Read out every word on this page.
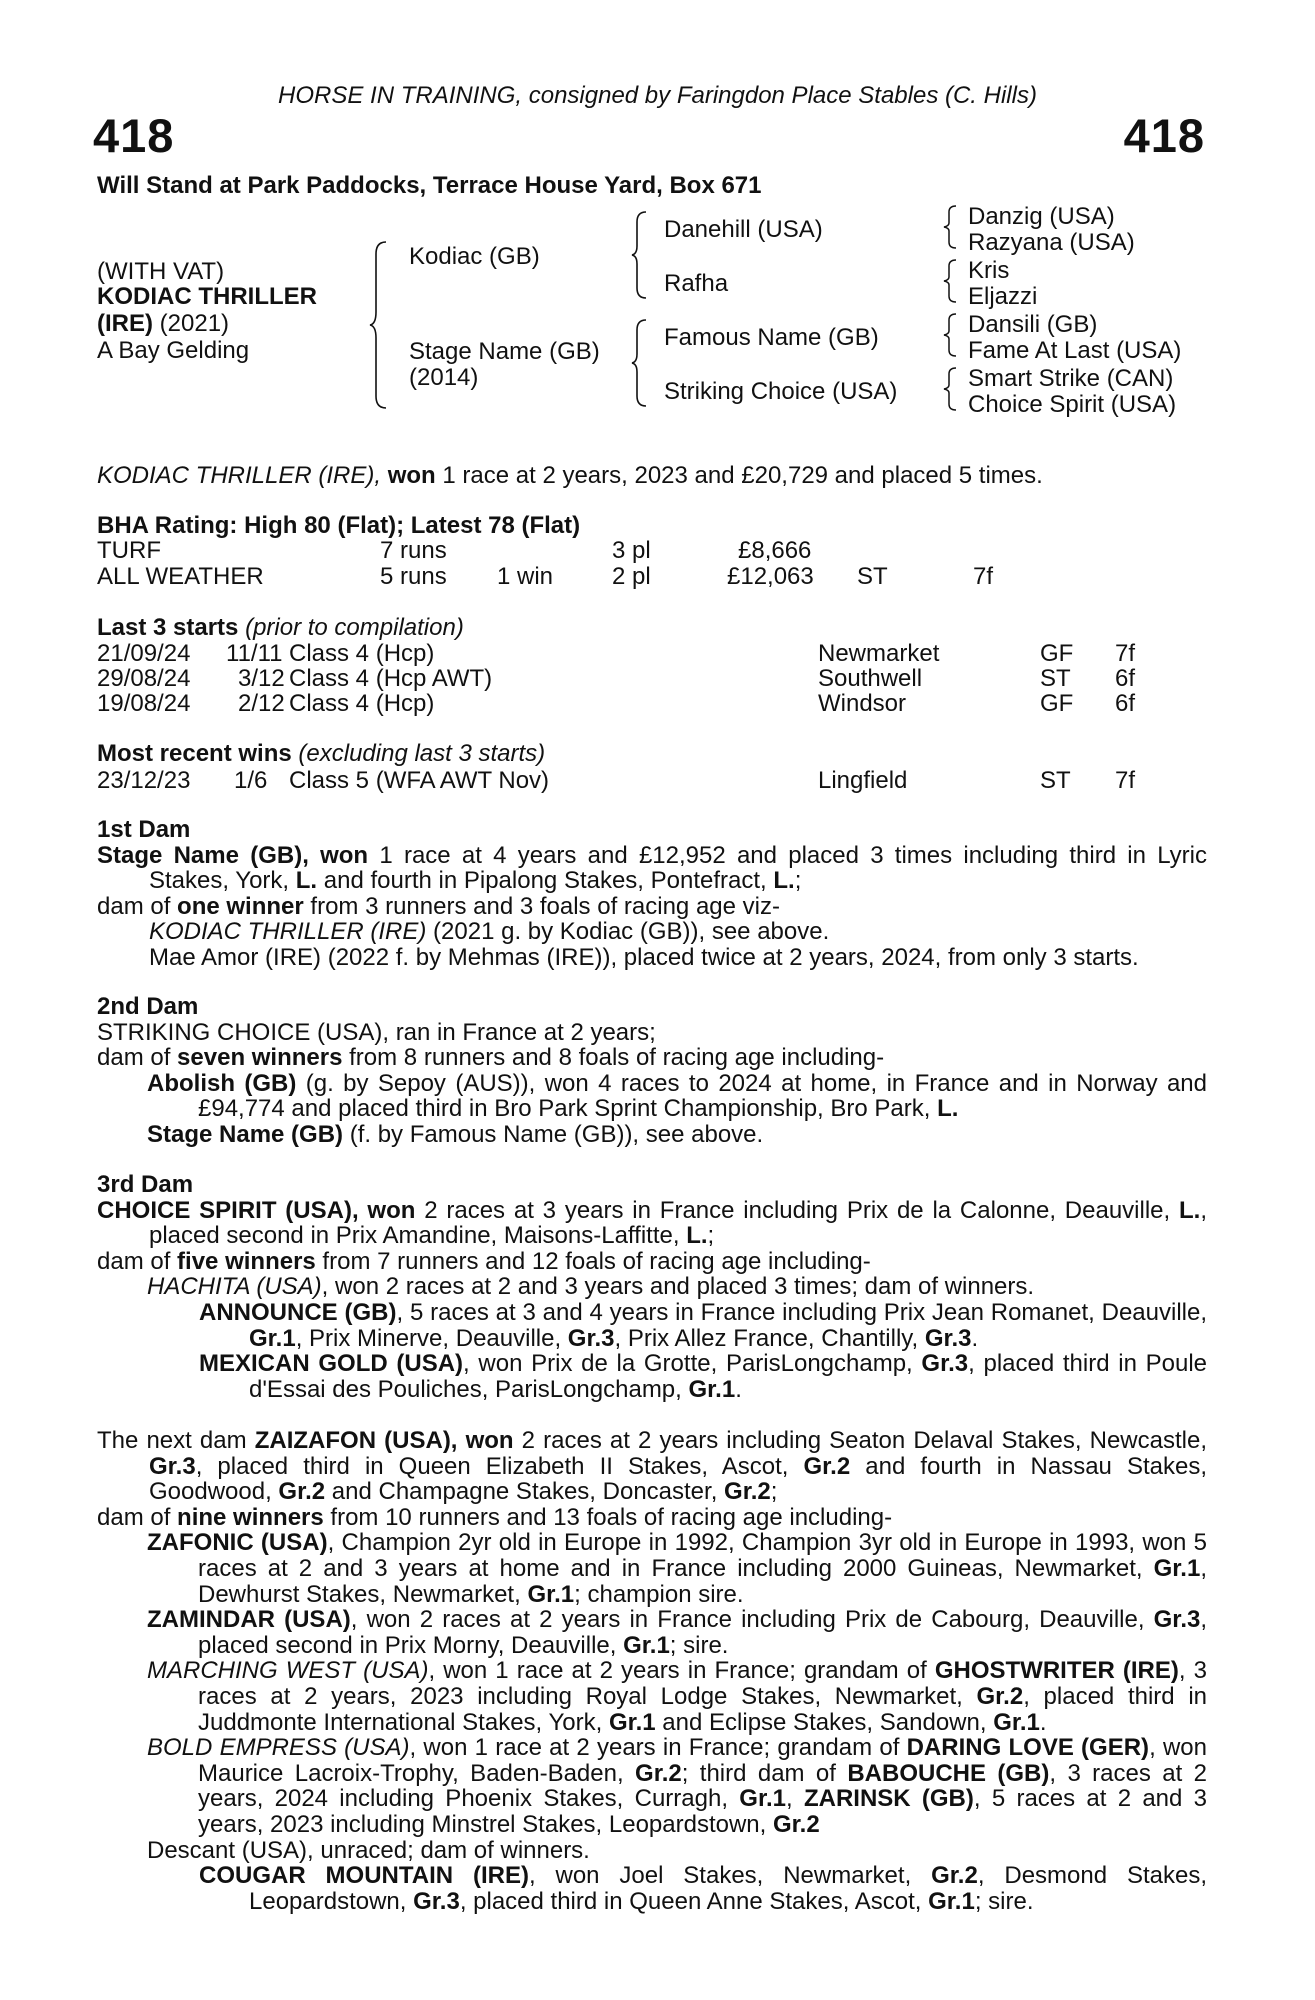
HORSE IN TRAINING, consigned by Faringdon Place Stables (C. Hills)
418	418
Will Stand at Park Paddocks, Terrace House Yard, Box 671
(WITH VAT)
KODIAC THRILLER
(IRE) (2021)
A Bay Gelding
Kodiac (GB)
Stage Name (GB)
(2014)
Danehill (USA)
Rafha
Famous Name (GB)
Striking Choice (USA)
Danzig (USA)
Razyana (USA)
Kris
Eljazzi
Dansili (GB)
Fame At Last (USA)
Smart Strike (CAN)
Choice Spirit (USA)
KODIAC THRILLER (IRE), won 1 race at 2 years, 2023 and £20,729 and placed 5 times.
BHA Rating: High 80 (Flat); Latest 78 (Flat)
TURF	7 runs	3 pl	£8,666
ALL WEATHER	5 runs 1 win 2 pl	£12,063 ST	7f
Last 3 starts (prior to compilation)
21/09/24 11/11 Class 4 (Hcp)	Newmarket	GF 7f
29/08/24 3/12 Class 4 (Hcp AWT)	Southwell	ST 6f
19/08/24 2/12 Class 4 (Hcp)	Windsor	GF 6f
Most recent wins (excluding last 3 starts)
23/12/23 1/6 Class 5 (WFA AWT Nov)	Lingfield	ST 7f

1st Dam

Stage Name (GB), won 1 race at 4 years and £12,952 and placed 3 times including third in Lyric Stakes, York, L. and fourth in Pipalong Stakes, Pontefract, L.;

dam of one winner from 3 runners and 3 foals of racing age viz-

KODIAC THRILLER (IRE) (2021 g. by Kodiac (GB)), see above.

Mae Amor (IRE) (2022 f. by Mehmas (IRE)), placed twice at 2 years, 2024, from only 3 starts.

2nd Dam

STRIKING CHOICE (USA), ran in France at 2 years;

dam of seven winners from 8 runners and 8 foals of racing age including-

Abolish (GB) (g. by Sepoy (AUS)), won 4 races to 2024 at home, in France and in Norway and £94,774 and placed third in Bro Park Sprint Championship, Bro Park, L.

Stage Name (GB) (f. by Famous Name (GB)), see above.

3rd Dam

CHOICE SPIRIT (USA), won 2 races at 3 years in France including Prix de la Calonne, Deauville, L., placed second in Prix Amandine, Maisons-Laffitte, L.;

dam of five winners from 7 runners and 12 foals of racing age including-

HACHITA (USA), won 2 races at 2 and 3 years and placed 3 times; dam of winners.

ANNOUNCE (GB), 5 races at 3 and 4 years in France including Prix Jean Romanet, Deauville, Gr.1, Prix Minerve, Deauville, Gr.3, Prix Allez France, Chantilly, Gr.3.

MEXICAN GOLD (USA), won Prix de la Grotte, ParisLongchamp, Gr.3, placed third in Poule d'Essai des Pouliches, ParisLongchamp, Gr.1.

The next dam ZAIZAFON (USA), won 2 races at 2 years including Seaton Delaval Stakes, Newcastle, Gr.3, placed third in Queen Elizabeth II Stakes, Ascot, Gr.2 and fourth in Nassau Stakes, Goodwood, Gr.2 and Champagne Stakes, Doncaster, Gr.2;

dam of nine winners from 10 runners and 13 foals of racing age including-

ZAFONIC (USA), Champion 2yr old in Europe in 1992, Champion 3yr old in Europe in 1993, won 5 races at 2 and 3 years at home and in France including 2000 Guineas, Newmarket, Gr.1, Dewhurst Stakes, Newmarket, Gr.1; champion sire.

ZAMINDAR (USA), won 2 races at 2 years in France including Prix de Cabourg, Deauville, Gr.3, placed second in Prix Morny, Deauville, Gr.1; sire.

MARCHING WEST (USA), won 1 race at 2 years in France; grandam of GHOSTWRITER (IRE), 3 races at 2 years, 2023 including Royal Lodge Stakes, Newmarket, Gr.2, placed third in Juddmonte International Stakes, York, Gr.1 and Eclipse Stakes, Sandown, Gr.1.

BOLD EMPRESS (USA), won 1 race at 2 years in France; grandam of DARING LOVE (GER), won Maurice Lacroix-Trophy, Baden-Baden, Gr.2; third dam of BABOUCHE (GB), 3 races at 2 years, 2024 including Phoenix Stakes, Curragh, Gr.1, ZARINSK (GB), 5 races at 2 and 3 years, 2023 including Minstrel Stakes, Leopardstown, Gr.2

Descant (USA), unraced; dam of winners.

COUGAR MOUNTAIN (IRE), won Joel Stakes, Newmarket, Gr.2, Desmond Stakes, Leopardstown, Gr.3, placed third in Queen Anne Stakes, Ascot, Gr.1; sire.
